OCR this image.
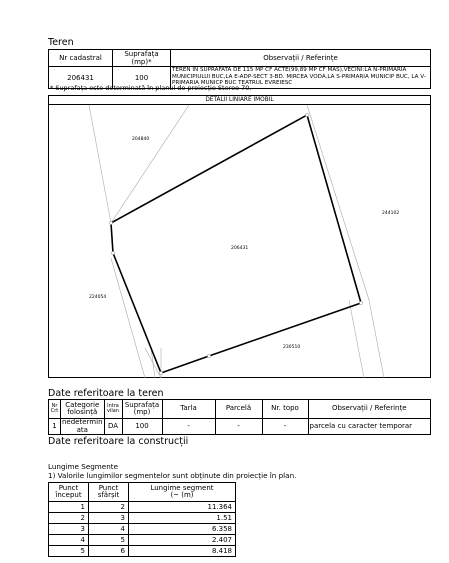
Teren
Nr cadastral	Suprafața (mp)*	Observații / Referințe
206431	100	TEREN IN SUPRAFATA DE 115 MP CF ACTE(99,89 MP CF MAS),VECINI:LA N-PRIMARIA MUNICIPIULUI BUC,LA E-ADP-SECT 3-BD. MIRCEA VODA,LA S-PRIMARIA MUNICIP BUC, LA V-PRIMARIA MUNICP BUC TEATRUL EVREIESC
* Suprafața este determinată în planul de proiecție Stereo 70.
DETALII LINIARE IMOBIL
206431
204840
244102
224054
230510
Date referitoare la teren
Nr Crt	Categorie folosință	Intra vilan	Suprafața (mp)	Tarla	Parcelă	Nr. topo	Observații / Referințe
1	nedetermin ata	DA	100	-	-	-	parcela cu caracter temporar
Date referitoare la construcții
Lungime Segmente
1) Valorile lungimilor segmentelor sunt obținute din proiecție în plan.
Punct început	Punct sfârșit	Lungime segment
(~ (m)
1	2	11.364
2	3	1.51
3	4	6.358
4	5	2.407
5	6	8.418
